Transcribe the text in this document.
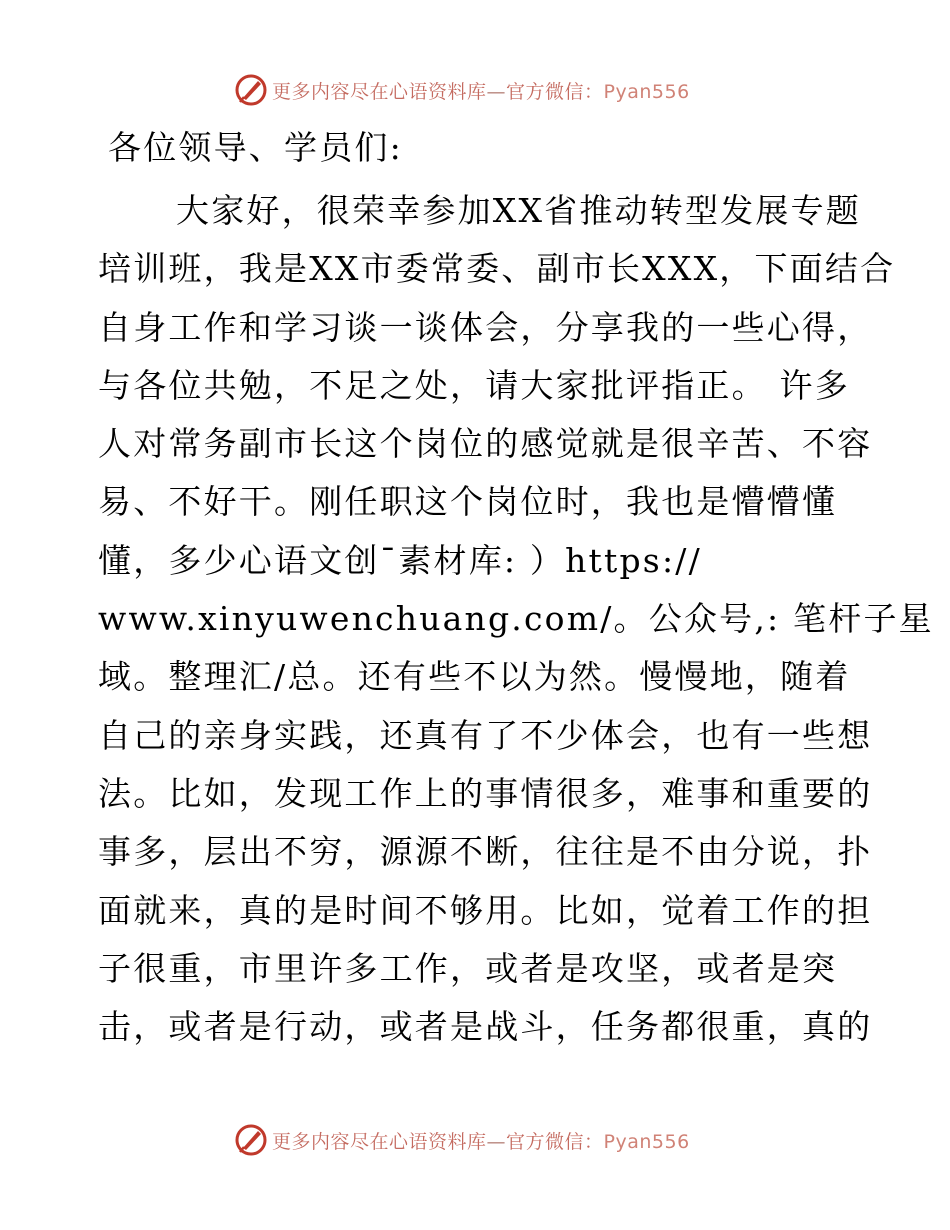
更多内容尽在心语资料库—官方微信：Pyan556
各位领导、学员们:
大家好，很荣幸参加XX省推动转型发展专题
培训班，我是XX市委常委、副市长XXX，下面结合
自身工作和学习谈一谈体会，分享我的一些心得，
与各位共勉，不足之处，请大家批评指正。 许多
人对常务副市长这个岗位的感觉就是很辛苦、不容
易、不好干。刚任职这个岗位时，我也是懵懵懂
懂，多少心语文创¯素材库: ）https://
www.xinyuwenchuang.com/。公众号,: 笔杆子星
域。整理汇/总。还有些不以为然。慢慢地，随着
自己的亲身实践，还真有了不少体会，也有一些想
法。比如，发现工作上的事情很多，难事和重要的
事多，层出不穷，源源不断，往往是不由分说，扑
面就来，真的是时间不够用。比如，觉着工作的担
子很重，市里许多工作，或者是攻坚，或者是突
击，或者是行动，或者是战斗，任务都很重，真的
更多内容尽在心语资料库—官方微信：Pyan556
